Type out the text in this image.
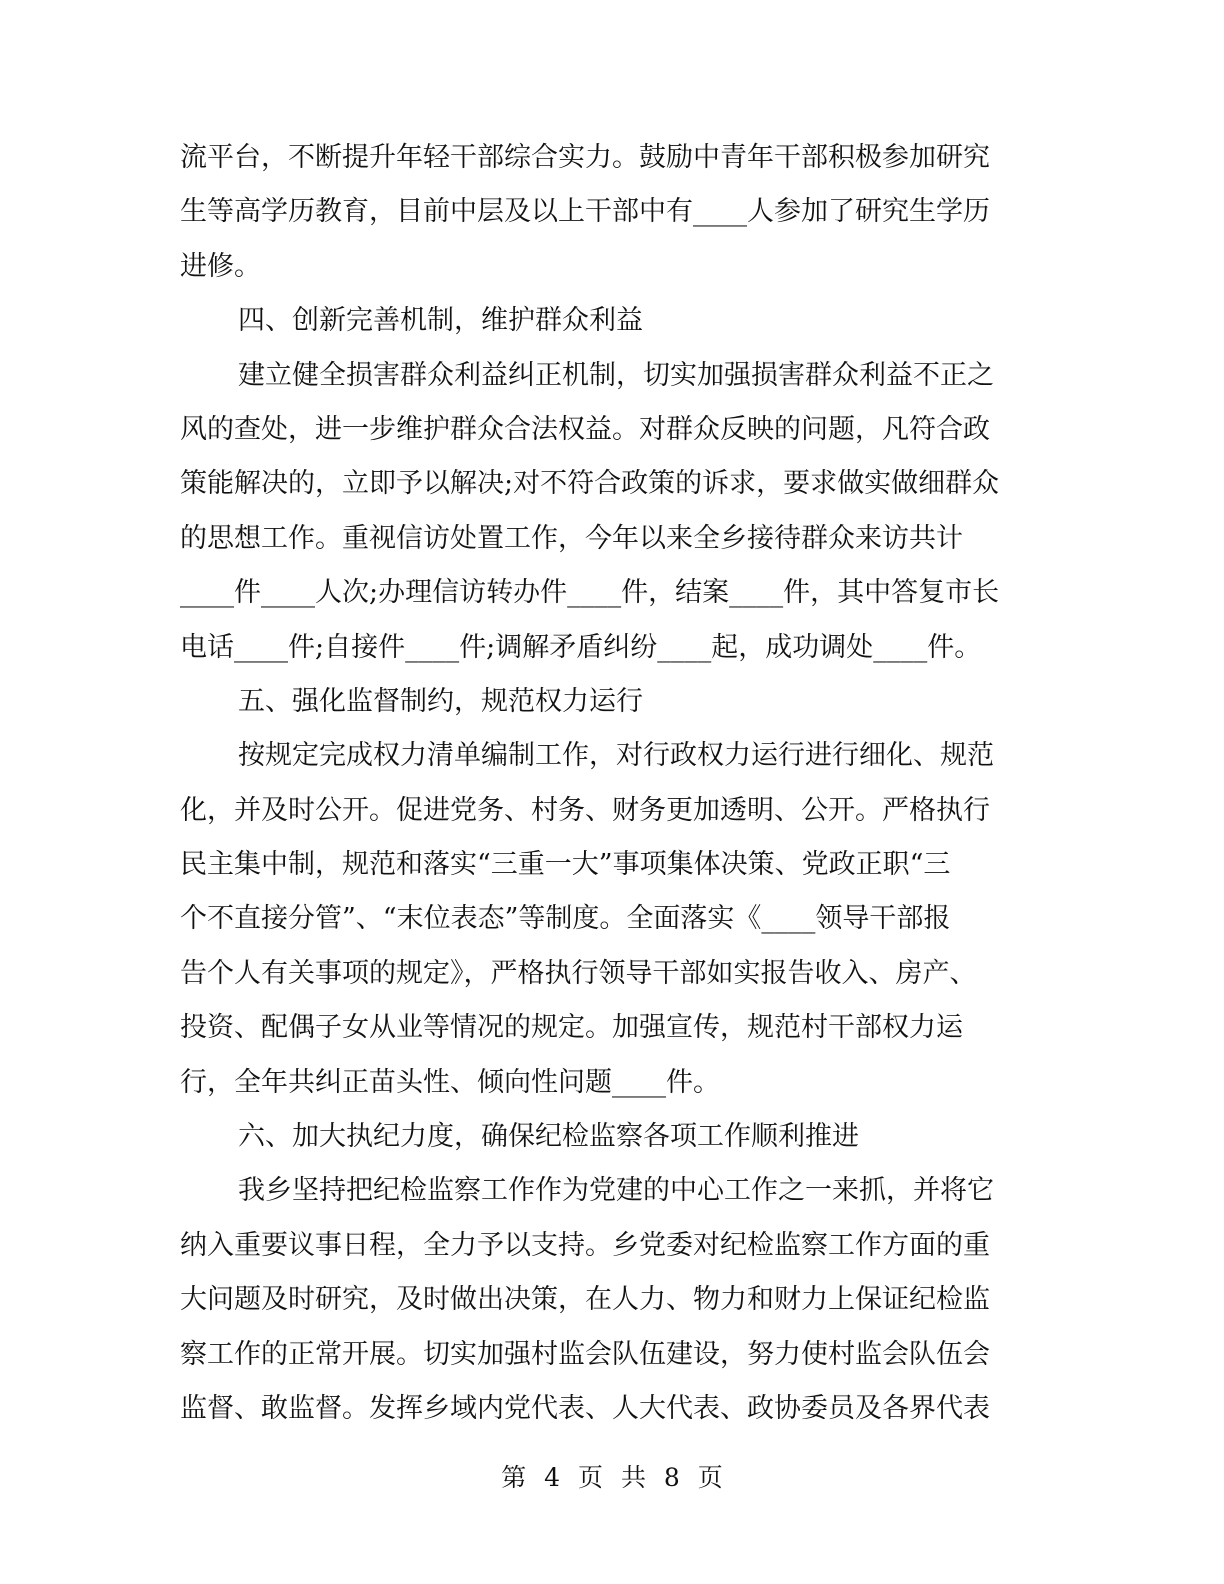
流平台，不断提升年轻干部综合实力。鼓励中青年干部积极参加研究
生等高学历教育，目前中层及以上干部中有____人参加了研究生学历
进修。
四、创新完善机制，维护群众利益
建立健全损害群众利益纠正机制，切实加强损害群众利益不正之
风的查处，进一步维护群众合法权益。对群众反映的问题，凡符合政
策能解决的，立即予以解决;对不符合政策的诉求，要求做实做细群众
的思想工作。重视信访处置工作，今年以来全乡接待群众来访共计
____件____人次;办理信访转办件____件，结案____件，其中答复市长
电话____件;自接件____件;调解矛盾纠纷____起，成功调处____件。
五、强化监督制约，规范权力运行
按规定完成权力清单编制工作，对行政权力运行进行细化、规范
化，并及时公开。促进党务、村务、财务更加透明、公开。严格执行
民主集中制，规范和落实“三重一大”事项集体决策、党政正职“三
个不直接分管”、“末位表态”等制度。全面落实《____领导干部报
告个人有关事项的规定》，严格执行领导干部如实报告收入、房产、
投资、配偶子女从业等情况的规定。加强宣传，规范村干部权力运
行，全年共纠正苗头性、倾向性问题____件。
六、加大执纪力度，确保纪检监察各项工作顺利推进
我乡坚持把纪检监察工作作为党建的中心工作之一来抓，并将它
纳入重要议事日程，全力予以支持。乡党委对纪检监察工作方面的重
大问题及时研究，及时做出决策，在人力、物力和财力上保证纪检监
察工作的正常开展。切实加强村监会队伍建设，努力使村监会队伍会
监督、敢监督。发挥乡域内党代表、人大代表、政协委员及各界代表
第 4 页 共 8 页
